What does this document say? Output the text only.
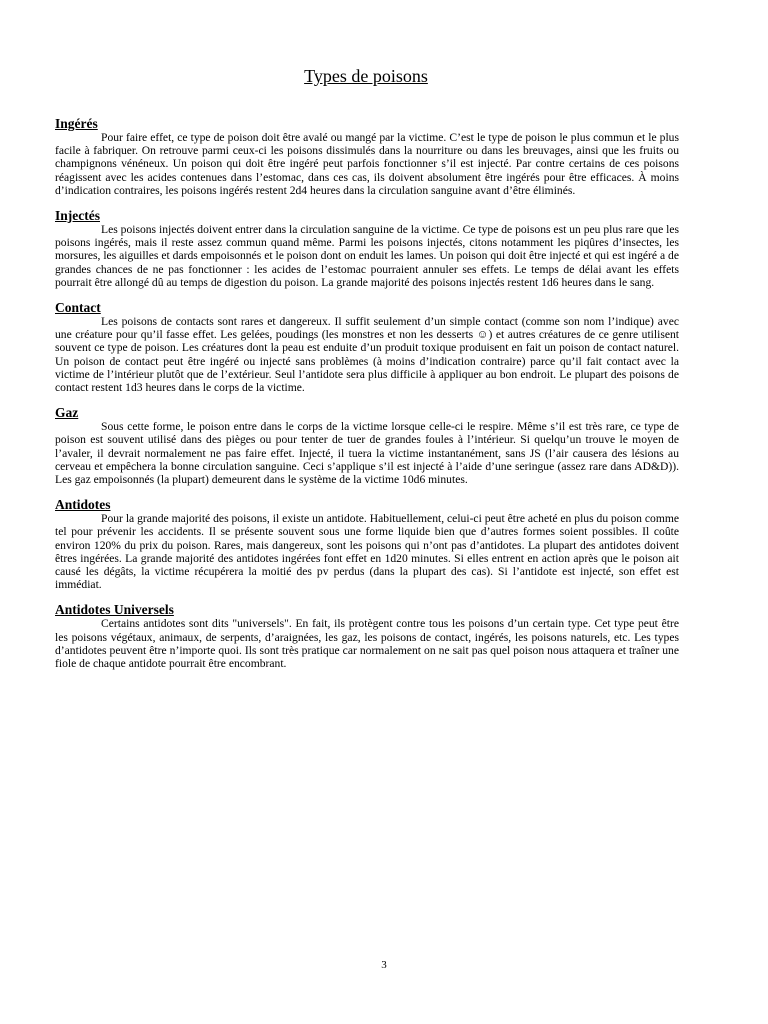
Types de poisons
Ingérés

Pour faire effet, ce type de poison doit être avalé ou mangé par la victime. C’est le type de poison le plus commun et le plus facile à fabriquer. On retrouve parmi ceux-ci les poisons dissimulés dans la nourriture ou dans les breuvages, ainsi que les fruits ou champignons vénéneux. Un poison qui doit être ingéré peut parfois fonctionner s’il est injecté. Par contre certains de ces poisons réagissent avec les acides contenues dans l’estomac, dans ces cas, ils doivent absolument être ingérés pour être efficaces. À moins d’indication contraires, les poisons ingérés restent 2d4 heures dans la circulation sanguine avant d’être éliminés.

Injectés

Les poisons injectés doivent entrer dans la circulation sanguine de la victime. Ce type de poisons est un peu plus rare que les poisons ingérés, mais il reste assez commun quand même. Parmi les poisons injectés, citons notamment les piqûres d’insectes, les morsures, les aiguilles et dards empoisonnés et le poison dont on enduit les lames. Un poison qui doit être injecté et qui est ingéré a de grandes chances de ne pas fonctionner : les acides de l’estomac pourraient annuler ses effets. Le temps de délai avant les effets pourrait être allongé dû au temps de digestion du poison. La grande majorité des poisons injectés restent 1d6 heures dans le sang.

Contact

Les poisons de contacts sont rares et dangereux. Il suffit seulement d’un simple contact (comme son nom l’indique) avec une créature pour qu’il fasse effet. Les gelées, poudings (les monstres et non les desserts ☺) et autres créatures de ce genre utilisent souvent ce type de poison. Les créatures dont la peau est enduite d’un produit toxique produisent en fait un poison de contact naturel. Un poison de contact peut être ingéré ou injecté sans problèmes (à moins d’indication contraire) parce qu’il fait contact avec la victime de l’intérieur plutôt que de l’extérieur. Seul l’antidote sera plus difficile à appliquer au bon endroit. Le plupart des poisons de contact restent 1d3 heures dans le corps de la victime.

Gaz

Sous cette forme, le poison entre dans le corps de la victime lorsque celle-ci le respire. Même s’il est très rare, ce type de poison est souvent utilisé dans des pièges ou pour tenter de tuer de grandes foules à l’intérieur. Si quelqu’un trouve le moyen de l’avaler, il devrait normalement ne pas faire effet. Injecté, il tuera la victime instantanément, sans JS (l’air causera des lésions au cerveau et empêchera la bonne circulation sanguine. Ceci s’applique s’il est injecté à l’aide d’une seringue (assez rare dans AD&D)). Les gaz empoisonnés (la plupart) demeurent dans le système de la victime 10d6 minutes.

Antidotes

Pour la grande majorité des poisons, il existe un antidote. Habituellement, celui-ci peut être acheté en plus du poison comme tel pour prévenir les accidents. Il se présente souvent sous une forme liquide bien que d’autres formes soient possibles. Il coûte environ 120% du prix du poison. Rares, mais dangereux, sont les poisons qui n’ont pas d’antidotes. La plupart des antidotes doivent êtres ingérées. La grande majorité des antidotes ingérées font effet en 1d20 minutes. Si elles entrent en action après que le poison ait causé les dégâts, la victime récupérera la moitié des pv perdus (dans la plupart des cas). Si l’antidote est injecté, son effet est immédiat.

Antidotes Universels

Certains antidotes sont dits "universels". En fait, ils protègent contre tous les poisons d’un certain type. Cet type peut être les poisons végétaux, animaux, de serpents, d’araignées, les gaz, les poisons de contact, ingérés, les poisons naturels, etc. Les types d’antidotes peuvent être n’importe quoi. Ils sont très pratique car normalement on ne sait pas quel poison nous attaquera et traîner une fiole de chaque antidote pourrait être encombrant.

3
